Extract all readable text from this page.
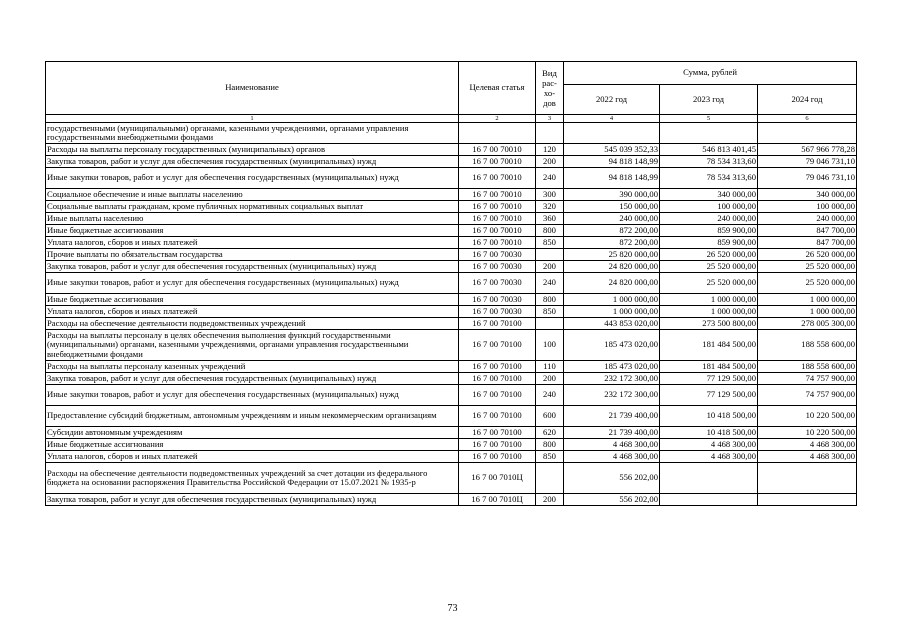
Наименование	Целевая статья	Вид рас- хо- дов	Сумма, рублей		
			2022 год	2023 год	2024 год
1	2	3	4	5	6
государственными (муниципальными) органами, казенными учреждениями, органами управления государственными внебюджетными фондами					
Расходы на выплаты персоналу государственных (муниципальных) органов	16 7 00 70010	120	545 039 352,33	546 813 401,45	567 966 778,28
Закупка товаров, работ и услуг для обеспечения государственных (муниципальных) нужд	16 7 00 70010	200	94 818 148,99	78 534 313,60	79 046 731,10
Иные закупки товаров, работ и услуг для обеспечения государственных (муниципальных) нужд	16 7 00 70010	240	94 818 148,99	78 534 313,60	79 046 731,10
Социальное обеспечение и иные выплаты населению	16 7 00 70010	300	390 000,00	340 000,00	340 000,00
Социальные выплаты гражданам, кроме публичных нормативных социальных выплат	16 7 00 70010	320	150 000,00	100 000,00	100 000,00
Иные выплаты населению	16 7 00 70010	360	240 000,00	240 000,00	240 000,00
Иные бюджетные ассигнования	16 7 00 70010	800	872 200,00	859 900,00	847 700,00
Уплата налогов, сборов и иных платежей	16 7 00 70010	850	872 200,00	859 900,00	847 700,00
Прочие выплаты по обязательствам государства	16 7 00 70030		25 820 000,00	26 520 000,00	26 520 000,00
Закупка товаров, работ и услуг для обеспечения государственных (муниципальных) нужд	16 7 00 70030	200	24 820 000,00	25 520 000,00	25 520 000,00
Иные закупки товаров, работ и услуг для обеспечения государственных (муниципальных) нужд	16 7 00 70030	240	24 820 000,00	25 520 000,00	25 520 000,00
Иные бюджетные ассигнования	16 7 00 70030	800	1 000 000,00	1 000 000,00	1 000 000,00
Уплата налогов, сборов и иных платежей	16 7 00 70030	850	1 000 000,00	1 000 000,00	1 000 000,00
Расходы на обеспечение деятельности подведомственных учреждений	16 7 00 70100		443 853 020,00	273 500 800,00	278 005 300,00
Расходы на выплаты персоналу в целях обеспечения выполнения функций государственными (муниципальными) органами, казенными учреждениями, органами управления государственными внебюджетными фондами	16 7 00 70100	100	185 473 020,00	181 484 500,00	188 558 600,00
Расходы на выплаты персоналу казенных учреждений	16 7 00 70100	110	185 473 020,00	181 484 500,00	188 558 600,00
Закупка товаров, работ и услуг для обеспечения государственных (муниципальных) нужд	16 7 00 70100	200	232 172 300,00	77 129 500,00	74 757 900,00
Иные закупки товаров, работ и услуг для обеспечения государственных (муниципальных) нужд	16 7 00 70100	240	232 172 300,00	77 129 500,00	74 757 900,00
Предоставление субсидий бюджетным, автономным учреждениям и иным некоммерческим организациям	16 7 00 70100	600	21 739 400,00	10 418 500,00	10 220 500,00
Субсидии автономным учреждениям	16 7 00 70100	620	21 739 400,00	10 418 500,00	10 220 500,00
Иные бюджетные ассигнования	16 7 00 70100	800	4 468 300,00	4 468 300,00	4 468 300,00
Уплата налогов, сборов и иных платежей	16 7 00 70100	850	4 468 300,00	4 468 300,00	4 468 300,00
Расходы на обеспечение деятельности подведомственных учреждений за счет дотации из федерального бюджета на основании распоряжения Правительства Российской Федерации от 15.07.2021 № 1935-р	16 7 00 7010Ц		556 202,00		
Закупка товаров, работ и услуг для обеспечения государственных (муниципальных) нужд	16 7 00 7010Ц	200	556 202,00		
73
